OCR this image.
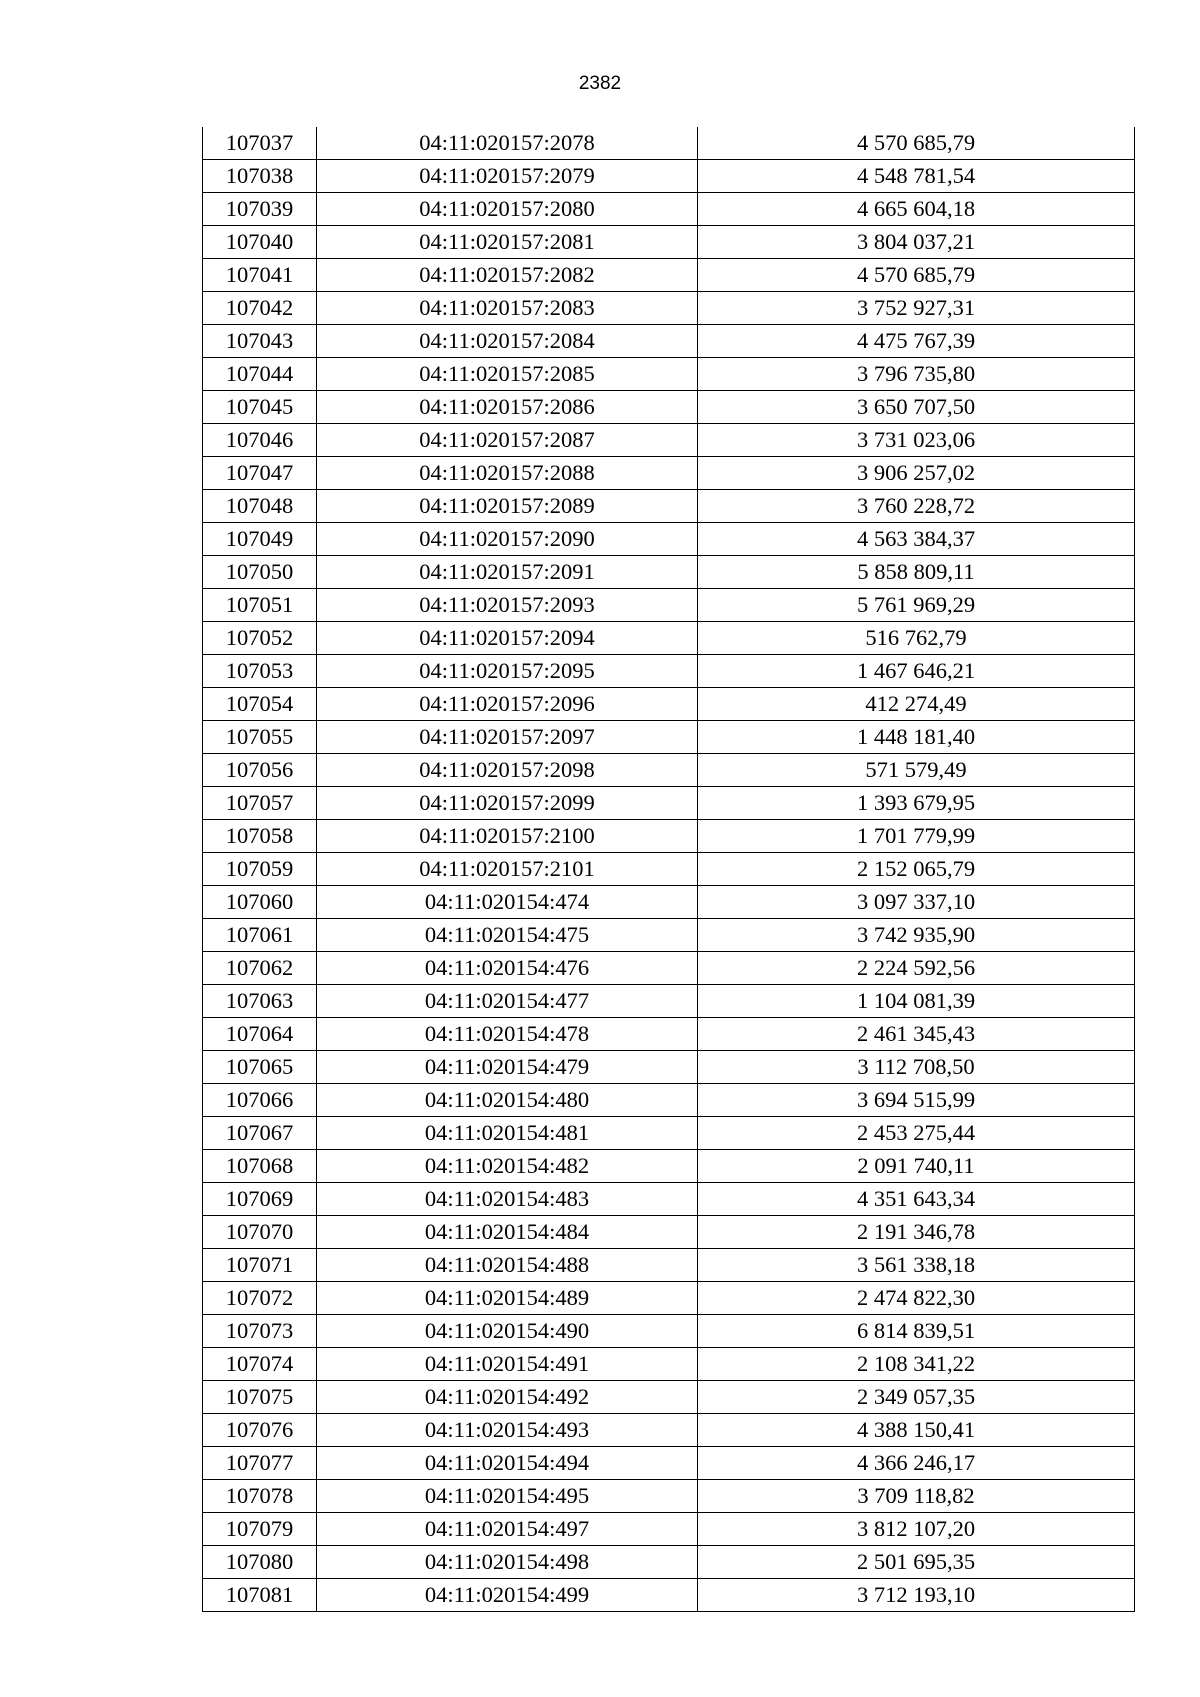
2382
107037	04:11:020157:2078	4 570 685,79
107038	04:11:020157:2079	4 548 781,54
107039	04:11:020157:2080	4 665 604,18
107040	04:11:020157:2081	3 804 037,21
107041	04:11:020157:2082	4 570 685,79
107042	04:11:020157:2083	3 752 927,31
107043	04:11:020157:2084	4 475 767,39
107044	04:11:020157:2085	3 796 735,80
107045	04:11:020157:2086	3 650 707,50
107046	04:11:020157:2087	3 731 023,06
107047	04:11:020157:2088	3 906 257,02
107048	04:11:020157:2089	3 760 228,72
107049	04:11:020157:2090	4 563 384,37
107050	04:11:020157:2091	5 858 809,11
107051	04:11:020157:2093	5 761 969,29
107052	04:11:020157:2094	516 762,79
107053	04:11:020157:2095	1 467 646,21
107054	04:11:020157:2096	412 274,49
107055	04:11:020157:2097	1 448 181,40
107056	04:11:020157:2098	571 579,49
107057	04:11:020157:2099	1 393 679,95
107058	04:11:020157:2100	1 701 779,99
107059	04:11:020157:2101	2 152 065,79
107060	04:11:020154:474	3 097 337,10
107061	04:11:020154:475	3 742 935,90
107062	04:11:020154:476	2 224 592,56
107063	04:11:020154:477	1 104 081,39
107064	04:11:020154:478	2 461 345,43
107065	04:11:020154:479	3 112 708,50
107066	04:11:020154:480	3 694 515,99
107067	04:11:020154:481	2 453 275,44
107068	04:11:020154:482	2 091 740,11
107069	04:11:020154:483	4 351 643,34
107070	04:11:020154:484	2 191 346,78
107071	04:11:020154:488	3 561 338,18
107072	04:11:020154:489	2 474 822,30
107073	04:11:020154:490	6 814 839,51
107074	04:11:020154:491	2 108 341,22
107075	04:11:020154:492	2 349 057,35
107076	04:11:020154:493	4 388 150,41
107077	04:11:020154:494	4 366 246,17
107078	04:11:020154:495	3 709 118,82
107079	04:11:020154:497	3 812 107,20
107080	04:11:020154:498	2 501 695,35
107081	04:11:020154:499	3 712 193,10
